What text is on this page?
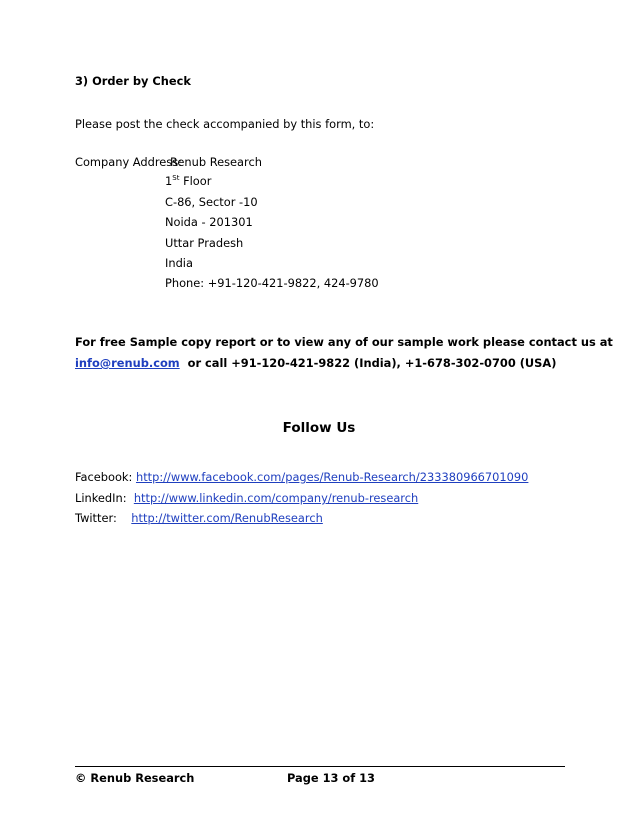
3) Order by Check
Please post the check accompanied by this form, to:
Company Address:
Renub Research
1St Floor
C-86, Sector -10
Noida - 201301
Uttar Pradesh
India
Phone: +91-120-421-9822, 424-9780
For free Sample copy report or to view any of our sample work please contact us at
info@renub.com or call +91-120-421-9822 (India), +1-678-302-0700 (USA)
Follow Us
Facebook: http://www.facebook.com/pages/Renub-Research/233380966701090
LinkedIn: http://www.linkedin.com/company/renub-research
Twitter: http://twitter.com/RenubResearch
© Renub Research	Page 13 of 13
